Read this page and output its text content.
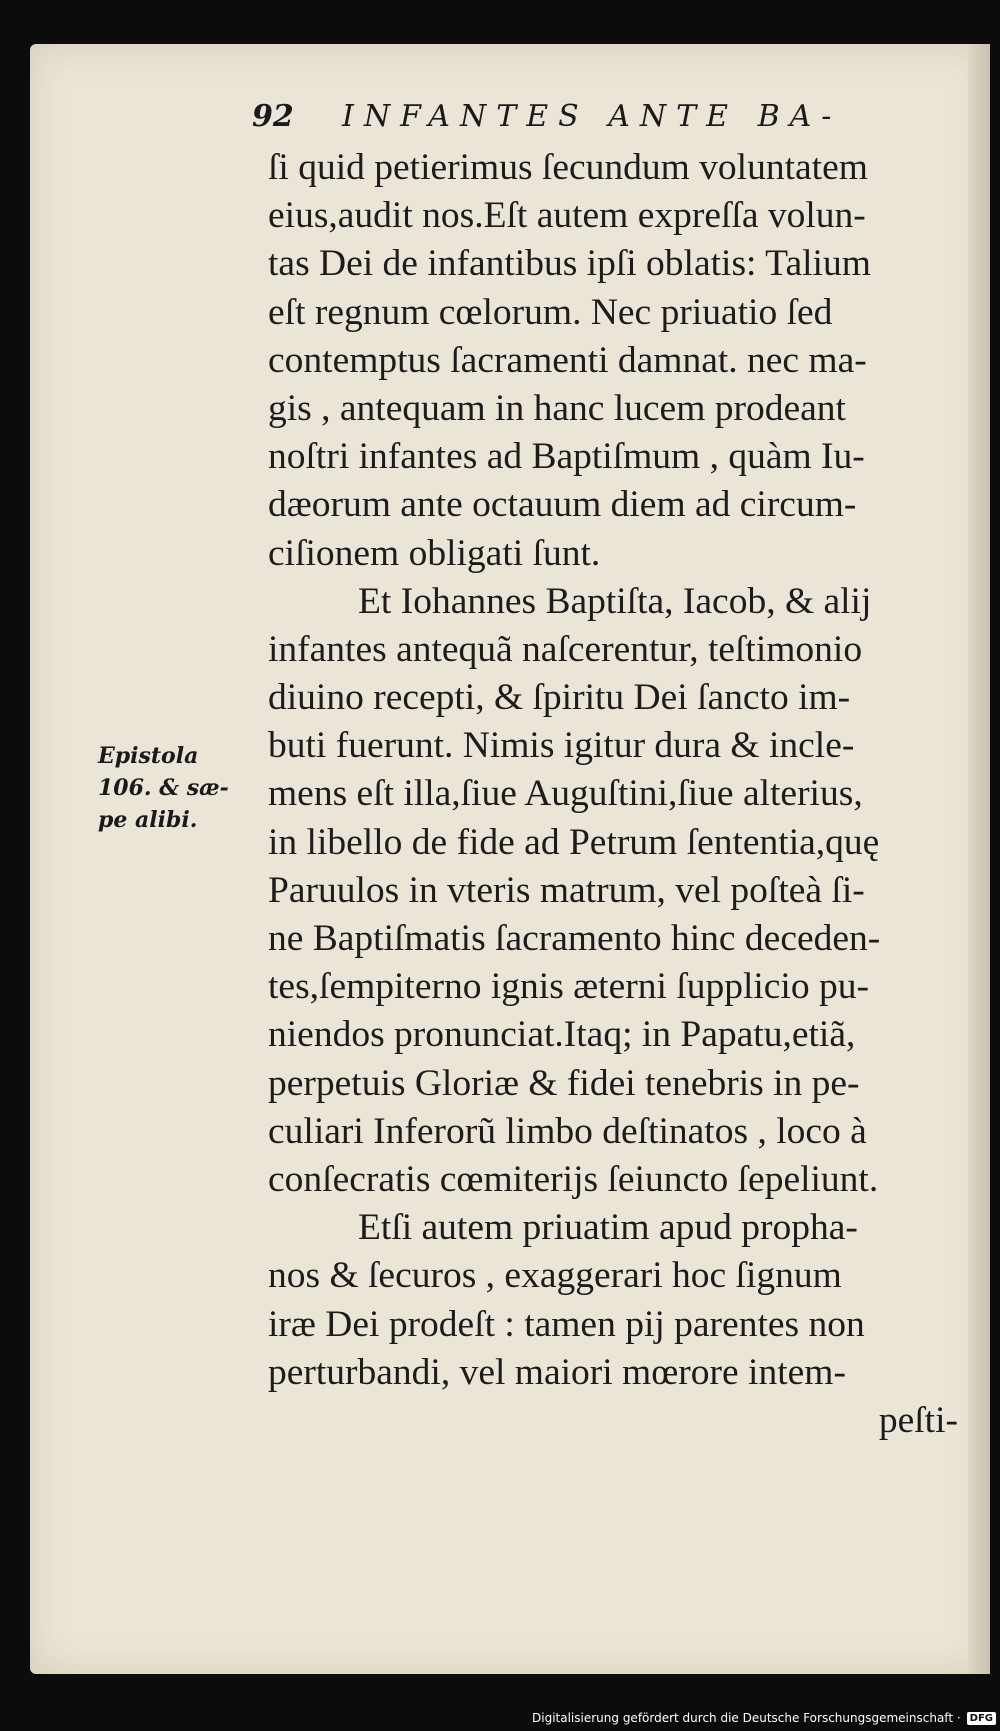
92	INFANTES ANTE BA-
Epistola
106. & sæ-
pe alibi.
ſi quid petierimus ſecundum voluntatem
eius,audit nos.Eſt autem expreſſa volun-
tas Dei de infantibus ipſi oblatis: Talium
eſt regnum cœlorum. Nec priuatio ſed
contemptus ſacramenti damnat. nec ma-
gis , antequam in hanc lucem prodeant
noſtri infantes ad Baptiſmum , quàm Iu-
dæorum ante octauum diem ad circum-
ciſionem obligati ſunt.
Et Iohannes Baptiſta, Iacob, & alij
infantes antequã naſcerentur, teſtimonio
diuino recepti, & ſpiritu Dei ſancto im-
buti fuerunt. Nimis igitur dura & incle-
mens eſt illa,ſiue Auguſtini,ſiue alterius,
in libello de fide ad Petrum ſententia,quę
Paruulos in vteris matrum, vel poſteà ſi-
ne Baptiſmatis ſacramento hinc deceden-
tes,ſempiterno ignis æterni ſupplicio pu-
niendos pronunciat.Itaq; in Papatu,etiã,
perpetuis Gloriæ & fidei tenebris in pe-
culiari Inferorũ limbo deſtinatos , loco à
conſecratis cœmiterijs ſeiuncto ſepeliunt.
Etſi autem priuatim apud propha-
nos & ſecuros , exaggerari hoc ſignum
iræ Dei prodeſt : tamen pij parentes non
perturbandi, vel maiori mœrore intem-
peſti-
Digitalisierung gefördert durch die Deutsche Forschungsgemeinschaft · DFG
